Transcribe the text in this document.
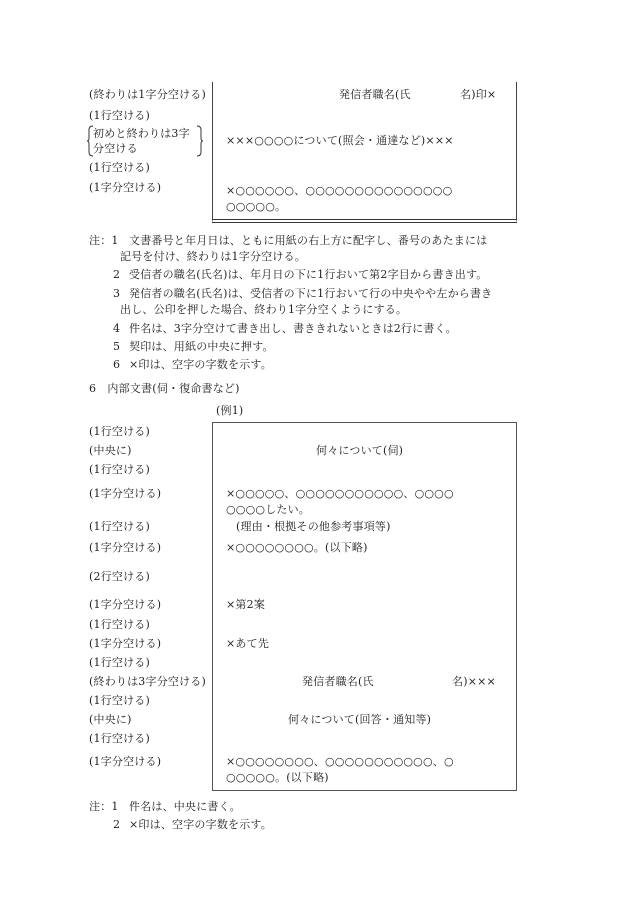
(終わりは1字分空ける)
(1行空ける)
初めと終わりは3字
分空ける
(1行空ける)
(1字分空ける)
発信者職名(氏	名)印×
×××○○○○について(照会・通達など)×××
×○○○○○○、○○○○○○○○○○○○○○○
○○○○○。
注：1 文書番号と年月日は、ともに用紙の右上方に配字し、番号のあたまには
記号を付け、終わりは1字分空ける。
2 受信者の職名(氏名)は、年月日の下に1行おいて第2字目から書き出す。
3 発信者の職名(氏名)は、受信者の下に1行おいて行の中央やや左から書き
出し、公印を押した場合、終わり1字分空くようにする。
4 件名は、3字分空けて書き出し、書ききれないときは2行に書く。
5 契印は、用紙の中央に押す。
6 ×印は、空字の字数を示す。
6　内部文書(伺・復命書など)
(例1)
(1行空ける)
(中央に)
(1行空ける)
(1字分空ける)
(1行空ける)
(1字分空ける)
(2行空ける)
(1字分空ける)
(1行空ける)
(1字分空ける)
(1行空ける)
(終わりは3字分空ける)
(1行空ける)
(中央に)
(1行空ける)
(1字分空ける)
何々について(伺)
×○○○○○、○○○○○○○○○○○、○○○○
○○○○したい。
(理由・根拠その他参考事項等)
×○○○○○○○○。(以下略)
×第2案
×あて先
発信者職名(氏	名)×××
何々について(回答・通知等)
×○○○○○○○○、○○○○○○○○○○○、○
○○○○○。(以下略)
注：1 件名は、中央に書く。
2 ×印は、空字の字数を示す。
